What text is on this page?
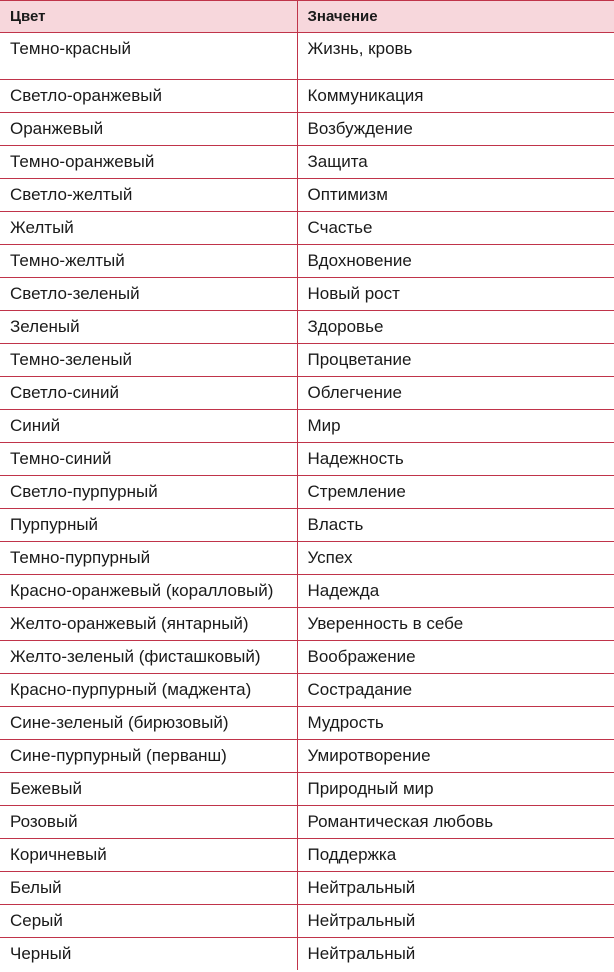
Цвет	Значение
Темно-красный	Жизнь, кровь
Светло-оранжевый	Коммуникация
Оранжевый	Возбуждение
Темно-оранжевый	Защита
Светло-желтый	Оптимизм
Желтый	Счастье
Темно-желтый	Вдохновение
Светло-зеленый	Новый рост
Зеленый	Здоровье
Темно-зеленый	Процветание
Светло-синий	Облегчение
Синий	Мир
Темно-синий	Надежность
Светло-пурпурный	Стремление
Пурпурный	Власть
Темно-пурпурный	Успех
Красно-оранжевый (коралловый)	Надежда
Желто-оранжевый (янтарный)	Уверенность в себе
Желто-зеленый (фисташковый)	Воображение
Красно-пурпурный (маджента)	Сострадание
Сине-зеленый (бирюзовый)	Мудрость
Сине-пурпурный (перванш)	Умиротворение
Бежевый	Природный мир
Розовый	Романтическая любовь
Коричневый	Поддержка
Белый	Нейтральный
Серый	Нейтральный
Черный	Нейтральный
